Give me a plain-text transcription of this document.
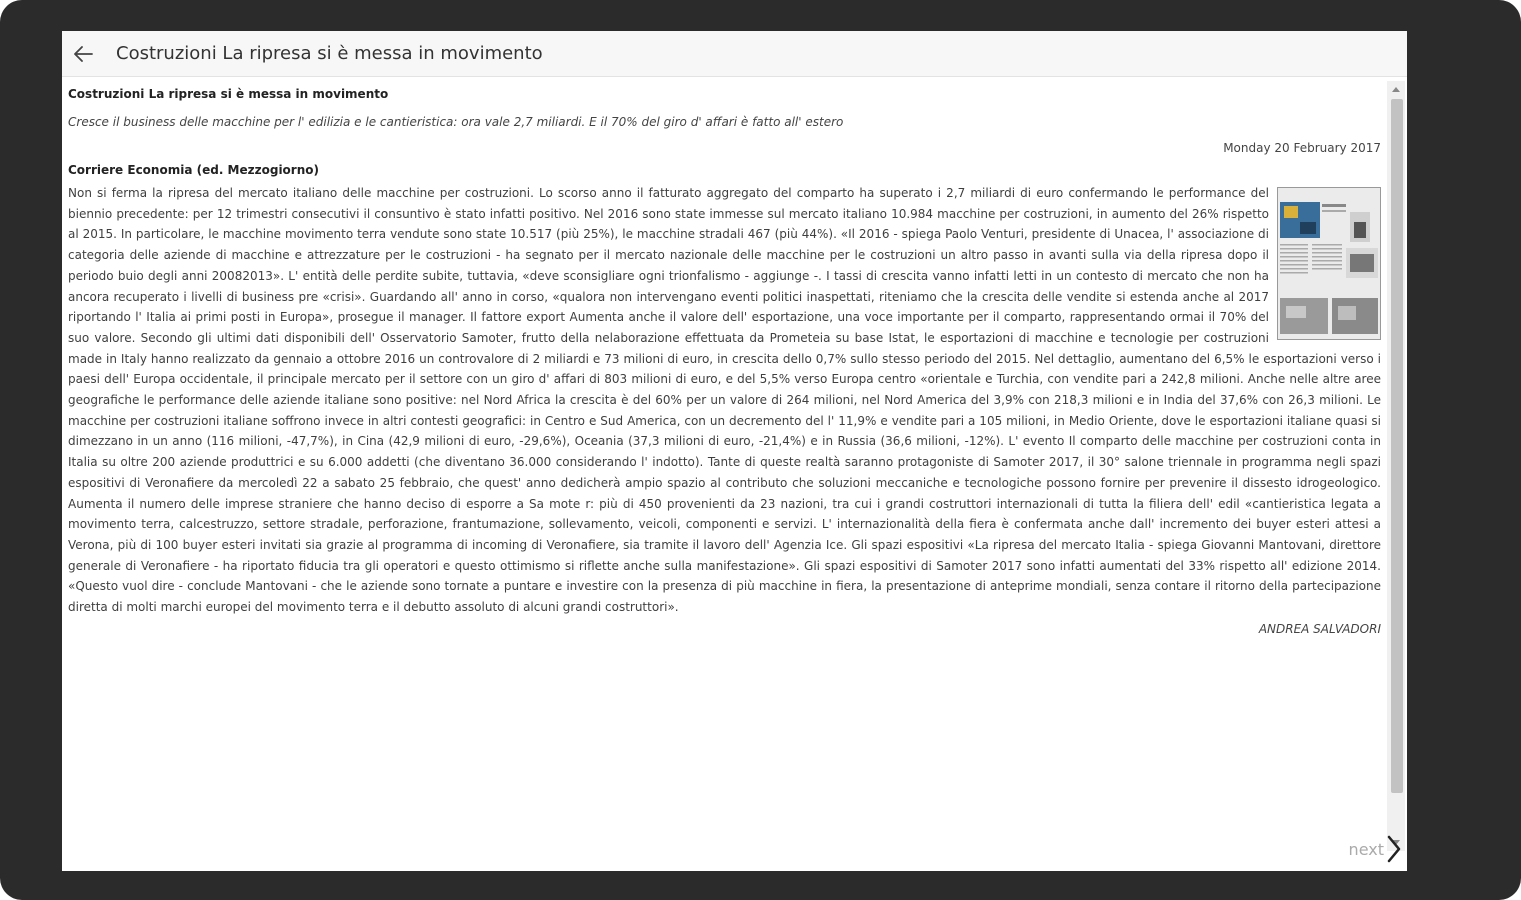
Costruzioni La ripresa si è messa in movimento
Costruzioni La ripresa si è messa in movimento
Cresce il business delle macchine per l' edilizia e le cantieristica: ora vale 2,7 miliardi. E il 70% del giro d' affari è fatto all' estero
Monday 20 February 2017
Corriere Economia (ed. Mezzogiorno)
Non si ferma la ripresa del mercato italiano delle macchine per costruzioni. Lo scorso anno il fatturato aggregato del comparto ha superato i 2,7 miliardi di euro confermando le performance del biennio precedente: per 12 trimestri consecutivi il consuntivo è stato infatti positivo. Nel 2016 sono state immesse sul mercato italiano 10.984 macchine per costruzioni, in aumento del 26% rispetto al 2015. In particolare, le macchine movimento terra vendute sono state 10.517 (più 25%), le macchine stradali 467 (più 44%). «Il 2016 - spiega Paolo Venturi, presidente di Unacea, l' associazione di categoria delle aziende di macchine e attrezzature per le costruzioni - ha segnato per il mercato nazionale delle macchine per le costruzioni un altro passo in avanti sulla via della ripresa dopo il periodo buio degli anni 20082013». L' entità delle perdite subite, tuttavia, «deve sconsigliare ogni trionfalismo - aggiunge -. I tassi di crescita vanno infatti letti in un contesto di mercato che non ha ancora recuperato i livelli di business pre «crisi». Guardando all' anno in corso, «qualora non intervengano eventi politici inaspettati, riteniamo che la crescita delle vendite si estenda anche al 2017 riportando l' Italia ai primi posti in Europa», prosegue il manager. Il fattore export Aumenta anche il valore dell' esportazione, una voce importante per il comparto, rappresentando ormai il 70% del suo valore. Secondo gli ultimi dati disponibili dell' Osservatorio Samoter, frutto della nelaborazione effettuata da Prometeia su base Istat, le esportazioni di macchine e tecnologie per costruzioni made in Italy hanno realizzato da gennaio a ottobre 2016 un controvalore di 2 miliardi e 73 milioni di euro, in crescita dello 0,7% sullo stesso periodo del 2015. Nel dettaglio, aumentano del 6,5% le esportazioni verso i paesi dell' Europa occidentale, il principale mercato per il settore con un giro d' affari di 803 milioni di euro, e del 5,5% verso Europa centro «orientale e Turchia, con vendite pari a 242,8 milioni. Anche nelle altre aree geografiche le performance delle aziende italiane sono positive: nel Nord Africa la crescita è del 60% per un valore di 264 milioni, nel Nord America del 3,9% con 218,3 milioni e in India del 37,6% con 26,3 milioni. Le macchine per costruzioni italiane soffrono invece in altri contesti geografici: in Centro e Sud America, con un decremento del l' 11,9% e vendite pari a 105 milioni, in Medio Oriente, dove le esportazioni italiane quasi si dimezzano in un anno (116 milioni, -47,7%), in Cina (42,9 milioni di euro, -29,6%), Oceania (37,3 milioni di euro, -21,4%) e in Russia (36,6 milioni, -12%). L' evento Il comparto delle macchine per costruzioni conta in Italia su oltre 200 aziende produttrici e su 6.000 addetti (che diventano 36.000 considerando l' indotto). Tante di queste realtà saranno protagoniste di Samoter 2017, il 30° salone triennale in programma negli spazi espositivi di Veronafiere da mercoledì 22 a sabato 25 febbraio, che quest' anno dedicherà ampio spazio al contributo che soluzioni meccaniche e tecnologiche possono fornire per prevenire il dissesto idrogeologico. Aumenta il numero delle imprese straniere che hanno deciso di esporre a Sa mote r: più di 450 provenienti da 23 nazioni, tra cui i grandi costruttori internazionali di tutta la filiera dell' edil «cantieristica legata a movimento terra, calcestruzzo, settore stradale, perforazione, frantumazione, sollevamento, veicoli, componenti e servizi. L' internazionalità della fiera è confermata anche dall' incremento dei buyer esteri attesi a Verona, più di 100 buyer esteri invitati sia grazie al programma di incoming di Veronafiere, sia tramite il lavoro dell' Agenzia Ice. Gli spazi espositivi «La ripresa del mercato Italia - spiega Giovanni Mantovani, direttore generale di Veronafiere - ha riportato fiducia tra gli operatori e questo ottimismo si riflette anche sulla manifestazione». Gli spazi espositivi di Samoter 2017 sono infatti aumentati del 33% rispetto all' edizione 2014. «Questo vuol dire - conclude Mantovani - che le aziende sono tornate a puntare e investire con la presenza di più macchine in fiera, la presentazione di anteprime mondiali, senza contare il ritorno della partecipazione diretta di molti marchi europei del movimento terra e il debutto assoluto di alcuni grandi costruttori».
ANDREA SALVADORI
next
